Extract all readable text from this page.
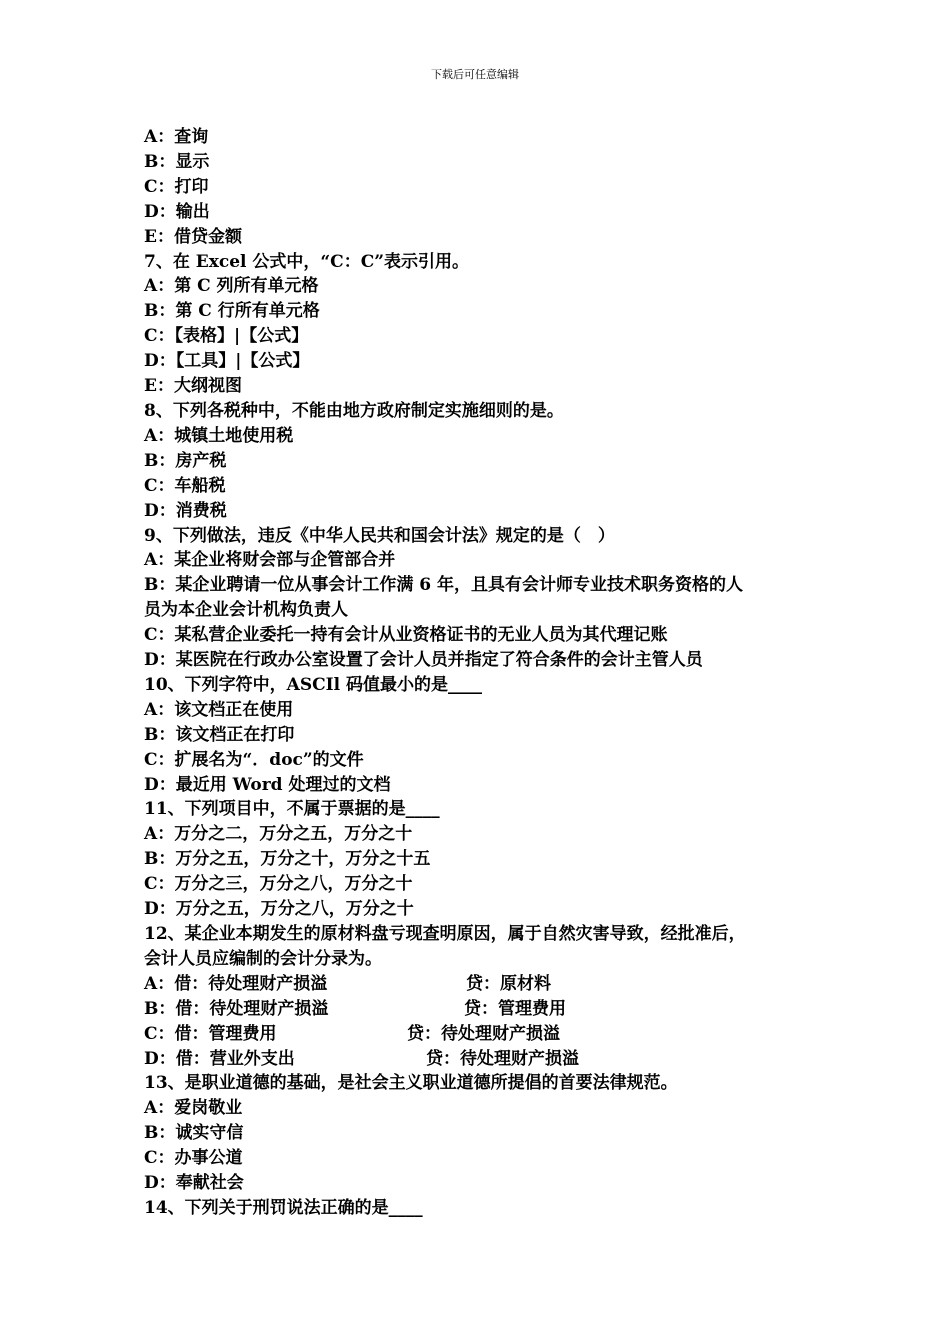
下载后可任意编辑
A：查询
B：显示
C：打印
D：输出
E：借贷金额
7、在 Excel 公式中，“C：C”表示引用。
A：第 C 列所有单元格
B：第 C 行所有单元格
C：【表格】|【公式】
D：【工具】|【公式】
E：大纲视图
8、下列各税种中，不能由地方政府制定实施细则的是。
A：城镇土地使用税
B：房产税
C：车船税
D：消费税
9、下列做法，违反《中华人民共和国会计法》规定的是（　）
A：某企业将财会部与企管部合并
B：某企业聘请一位从事会计工作满 6 年，且具有会计师专业技术职务资格的人
员为本企业会计机构负责人
C：某私营企业委托一持有会计从业资格证书的无业人员为其代理记账
D：某医院在行政办公室设置了会计人员并指定了符合条件的会计主管人员
10、下列字符中，ASCIl 码值最小的是____
A：该文档正在使用
B：该文档正在打印
C：扩展名为“．doc”的文件
D：最近用 Word 处理过的文档
11、下列项目中，不属于票据的是____
A：万分之二，万分之五，万分之十
B：万分之五，万分之十，万分之十五
C：万分之三，万分之八，万分之十
D：万分之五，万分之八，万分之十
12、某企业本期发生的原材料盘亏现查明原因，属于自然灾害导致，经批准后，
会计人员应编制的会计分录为。
A：借：待处理财产损溢	贷：原材料
B：借：待处理财产损溢	贷：管理费用
C：借：管理费用	贷：待处理财产损溢
D：借：营业外支出	贷：待处理财产损溢
13、是职业道德的基础，是社会主义职业道德所提倡的首要法律规范。
A：爱岗敬业
B：诚实守信
C：办事公道
D：奉献社会
14、下列关于刑罚说法正确的是____
